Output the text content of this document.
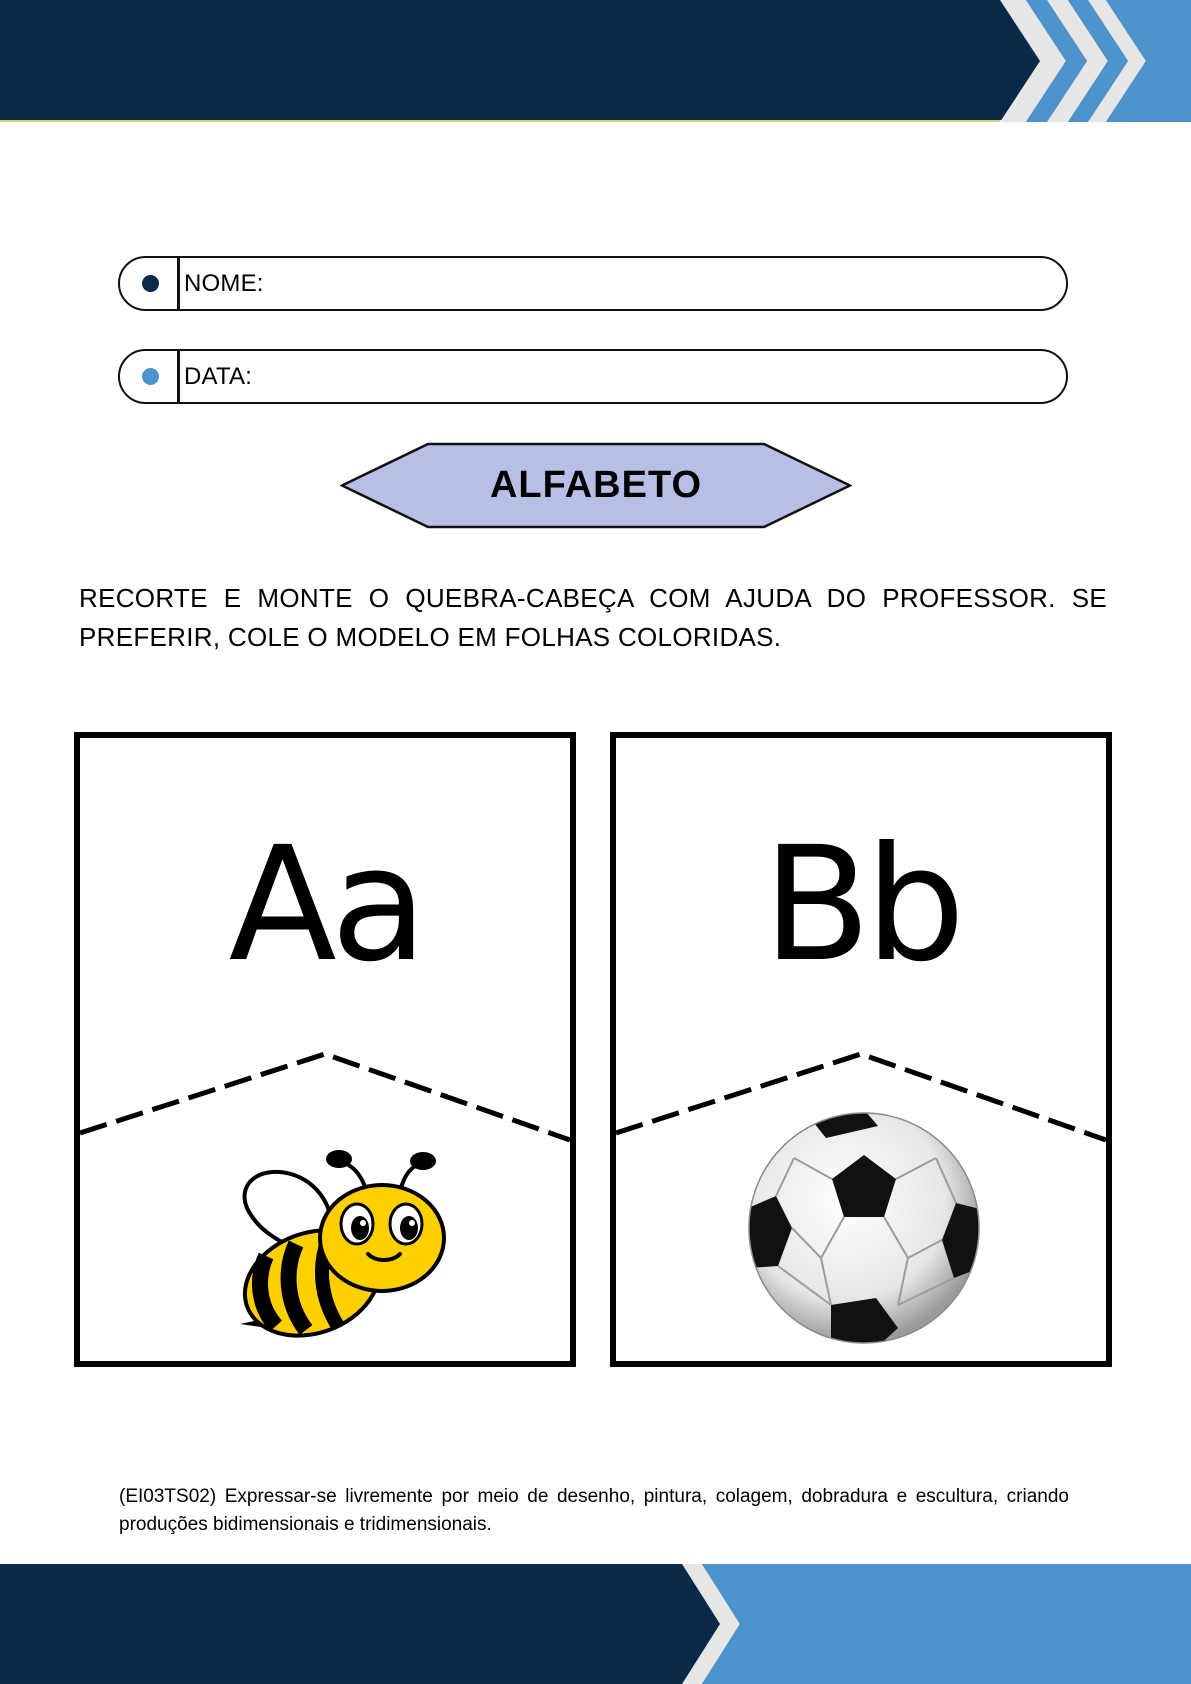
NOME:
DATA:
ALFABETO
RECORTE E MONTE O QUEBRA-CABEÇA COM AJUDA DO PROFESSOR. SE PREFERIR, COLE O MODELO EM FOLHAS COLORIDAS.
Aa	Bb
(EI03TS02) Expressar-se livremente por meio de desenho, pintura, colagem, dobradura e escultura, criando produções bidimensionais e tridimensionais.
